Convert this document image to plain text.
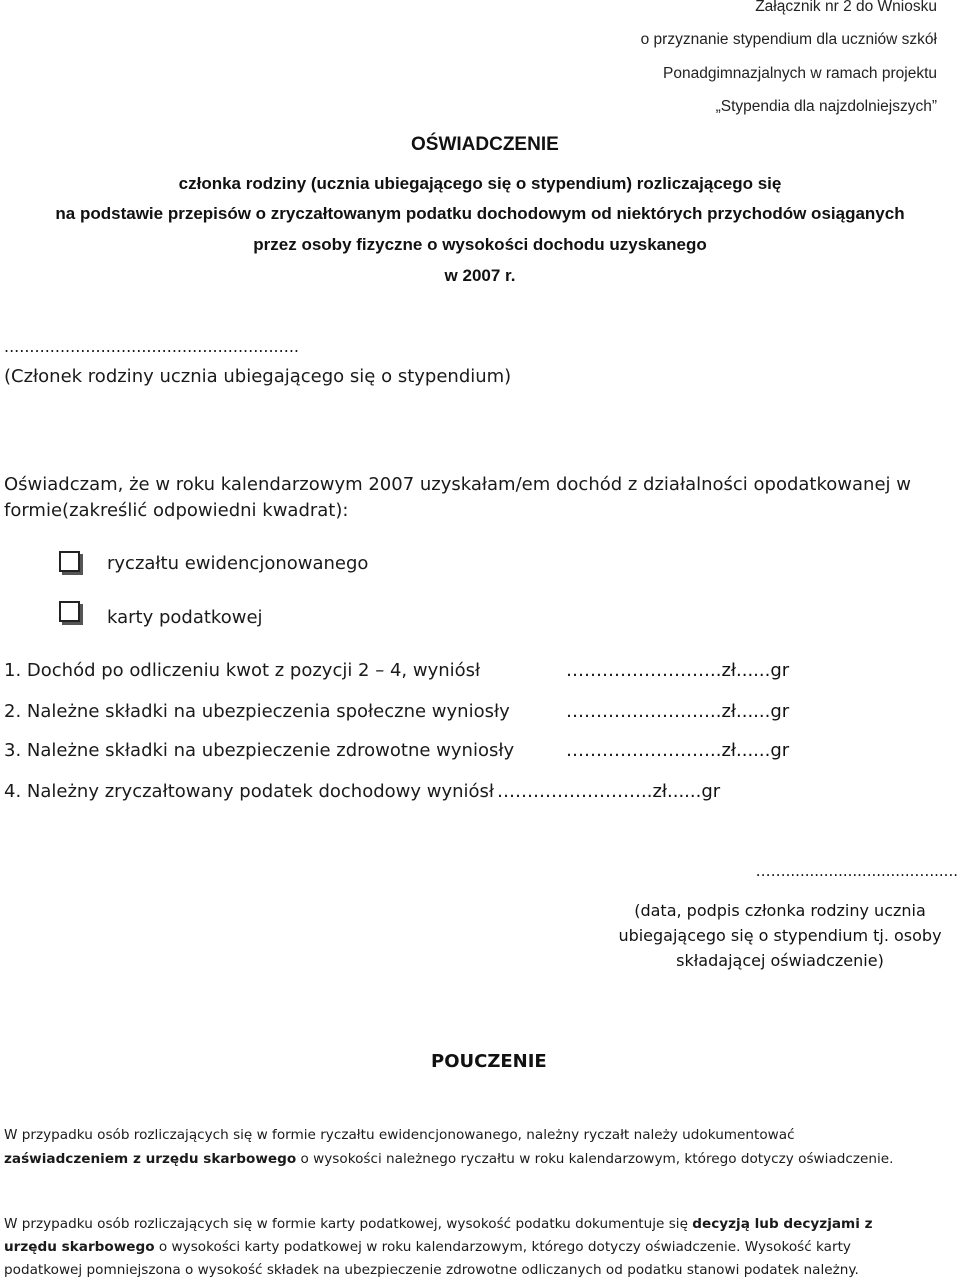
Załącznik nr 2 do Wniosku
o przyznanie stypendium dla uczniów szkół
Ponadgimnazjalnych w ramach projektu
„Stypendia dla najzdolniejszych”
OŚWIADCZENIE
członka rodziny (ucznia ubiegającego się o stypendium) rozliczającego się
na podstawie przepisów o zryczałtowanym podatku dochodowym od niektórych przychodów osiąganych
przez osoby fizyczne o wysokości dochodu uzyskanego
w 2007 r.
..........................................................
(Członek rodziny ucznia ubiegającego się o stypendium)
Oświadczam, że w roku kalendarzowym 2007 uzyskałam/em dochód z działalności opodatkowanej w
formie(zakreślić odpowiedni kwadrat):
ryczałtu ewidencjonowanego
karty podatkowej
1. Dochód po odliczeniu kwot z pozycji 2 – 4, wyniósł	……………………..zł......gr
2. Należne składki na ubezpieczenia społeczne wyniosły	……………………..zł......gr
3. Należne składki na ubezpieczenie zdrowotne wyniosły	……………………..zł......gr
4. Należny zryczałtowany podatek dochodowy wyniósł ……………………..zł......gr
……...........................…......
(data, podpis członka rodziny ucznia
ubiegającego się o stypendium tj. osoby
składającej oświadczenie)
POUCZENIE
W przypadku osób rozliczających się w formie ryczałtu ewidencjonowanego, należny ryczałt należy udokumentować
zaświadczeniem z urzędu skarbowego o wysokości należnego ryczałtu w roku kalendarzowym, którego dotyczy oświadczenie.
W przypadku osób rozliczających się w formie karty podatkowej, wysokość podatku dokumentuje się decyzją lub decyzjami z
urzędu skarbowego o wysokości karty podatkowej w roku kalendarzowym, którego dotyczy oświadczenie. Wysokość karty
podatkowej pomniejszona o wysokość składek na ubezpieczenie zdrowotne odliczanych od podatku stanowi podatek należny.
